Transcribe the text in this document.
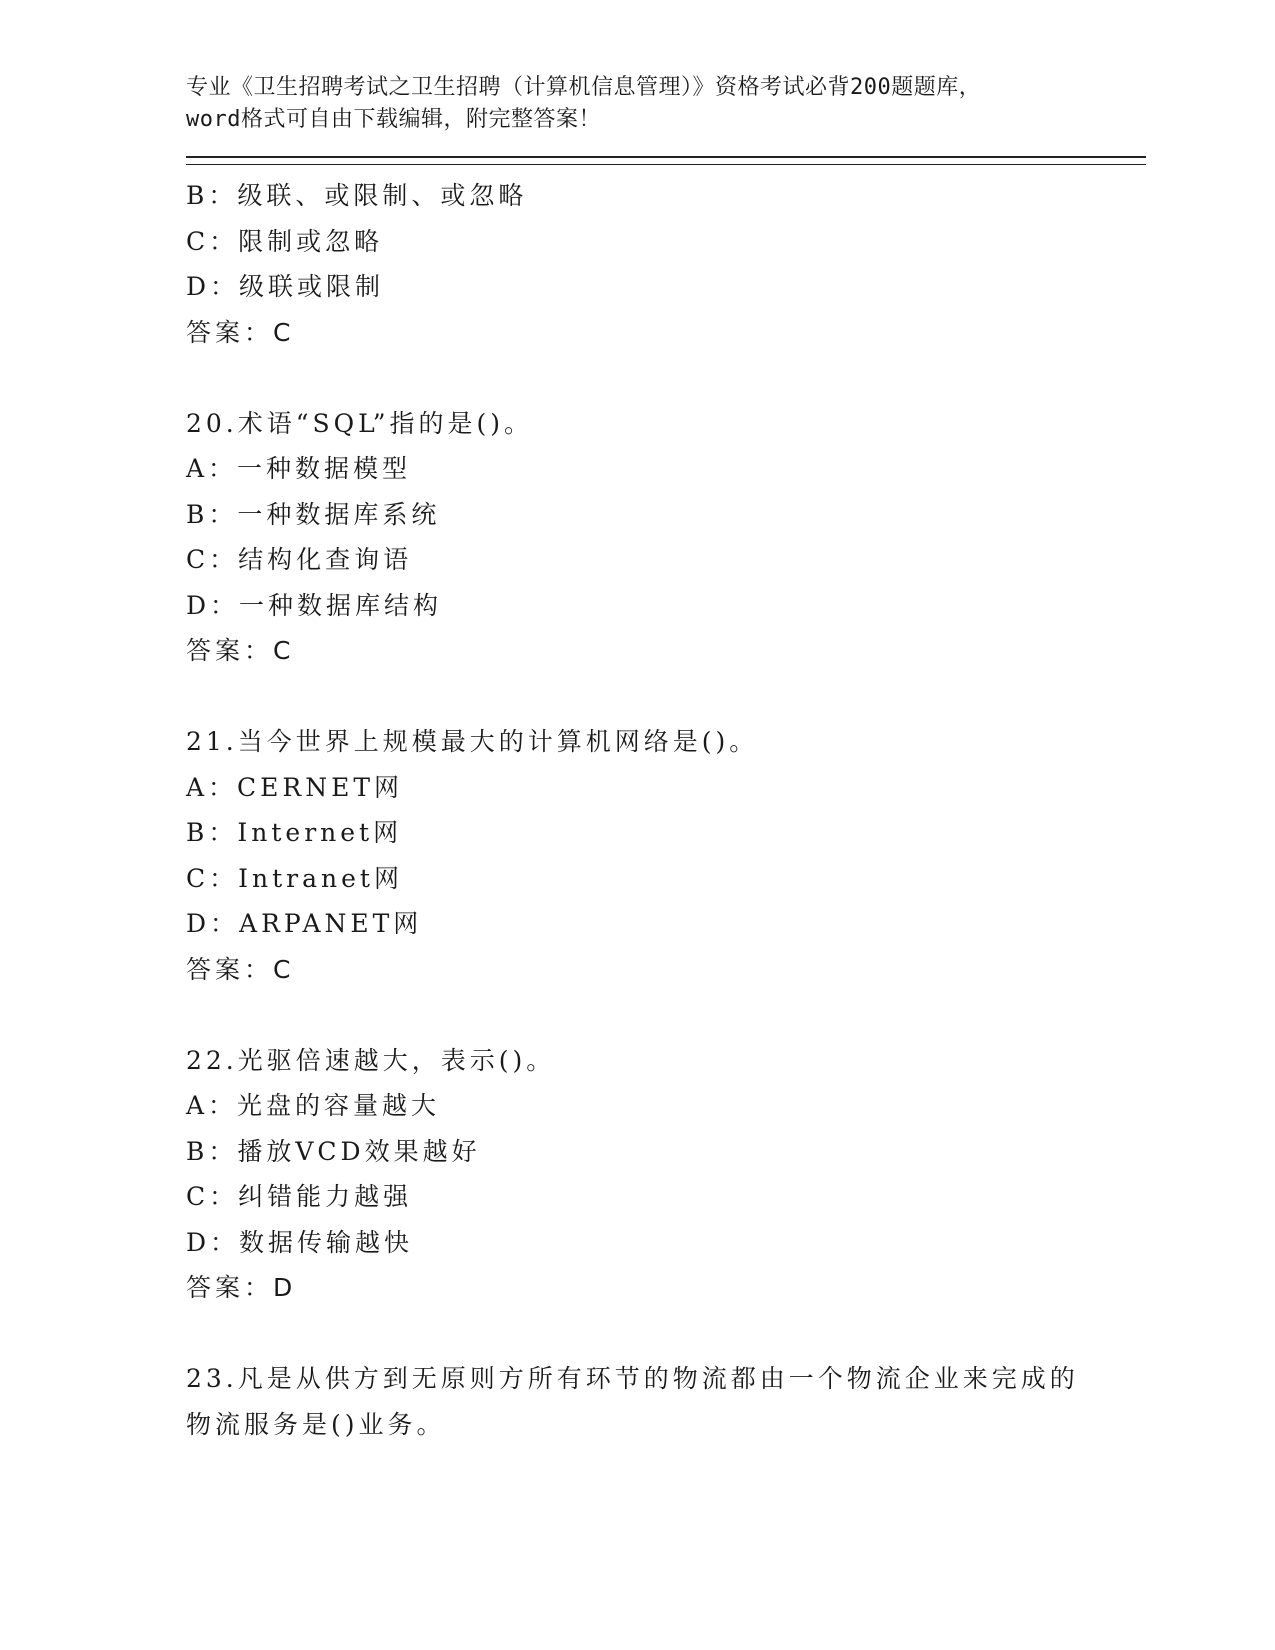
专业《卫生招聘考试之卫生招聘（计算机信息管理）》资格考试必背200题题库，
word格式可自由下载编辑，附完整答案！
B：级联、或限制、或忽略
C：限制或忽略
D：级联或限制
答案：C
20.术语“SQL”指的是()。
A：一种数据模型
B：一种数据库系统
C：结构化查询语
D：一种数据库结构
答案：C
21.当今世界上规模最大的计算机网络是()。
A：CERNET网
B：Internet网
C：Intranet网
D：ARPANET网
答案：C
22.光驱倍速越大，表示()。
A：光盘的容量越大
B：播放VCD效果越好
C：纠错能力越强
D：数据传输越快
答案：D
23.凡是从供方到无原则方所有环节的物流都由一个物流企业来完成的
物流服务是()业务。
